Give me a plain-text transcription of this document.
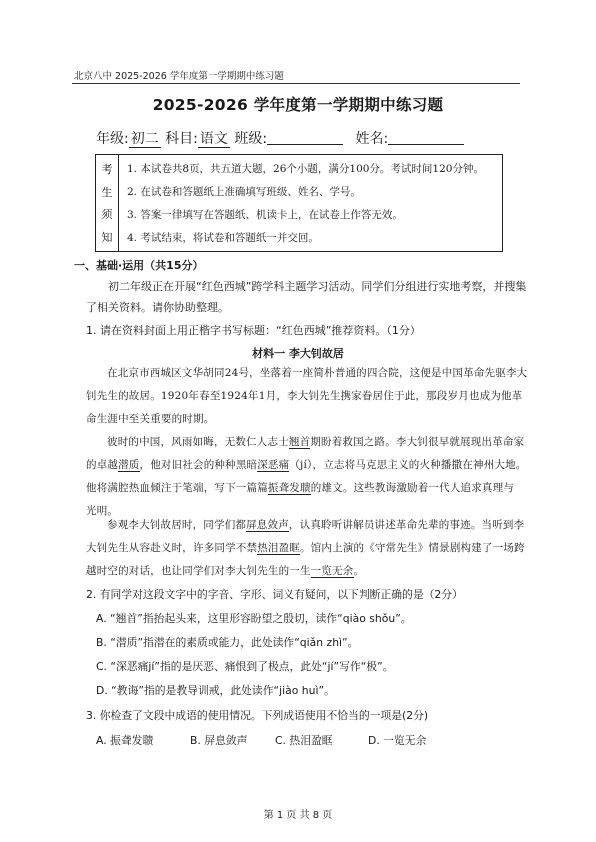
北京八中 2025-2026 学年度第一学期期中练习题
2025-2026 学年度第一学期期中练习题
年级: 初二 科目: 语文 班级:	姓名:
考
生
须
知
1. 本试卷共8页，共五道大题，26个小题，满分100分。考试时间120分钟。
2. 在试卷和答题纸上准确填写班级、姓名、学号。
3. 答案一律填写在答题纸、机读卡上，在试卷上作答无效。
4. 考试结束，将试卷和答题纸一并交回。
一、基础·运用（共15分）
初二年级正在开展“红色西城”跨学科主题学习活动。同学们分组进行实地考察，并搜集
了相关资料。请你协助整理。
1. 请在资料封面上用正楷字书写标题：“红色西城”推荐资料。（1分）
材料一 李大钊故居
在北京市西城区文华胡同24号，坐落着一座简朴普通的四合院，这便是中国革命先驱李大
钊先生的故居。1920年春至1924年1月，李大钊先生携家眷居住于此，那段岁月也成为他革
命生涯中至关重要的时期。
彼时的中国，风雨如晦，无数仁人志士翘首期盼着救国之路。李大钊很早就展现出革命家
的卓越潜质，他对旧社会的种种黑暗深恶痛（jí），立志将马克思主义的火种播撒在神州大地。
他将满腔热血倾注于笔端，写下一篇篇振聋发聩的雄文。这些教诲激励着一代人追求真理与
光明。
参观李大钊故居时，同学们都屏息敛声，认真聆听讲解员讲述革命先辈的事迹。当听到李
大钊先生从容赴义时，许多同学不禁热泪盈眶。馆内上演的《守常先生》情景剧构建了一场跨
越时空的对话，也让同学们对李大钊先生的一生一览无余。
2. 有同学对这段文字中的字音、字形、词义有疑问，以下判断正确的是（2分）
A. “翘首”指抬起头来，这里形容盼望之殷切，读作“qiào shǒu”。
B. “潜质”指潜在的素质或能力，此处读作“qiǎn zhì”。
C. “深恶痛jí”指的是厌恶、痛恨到了极点，此处“jí”写作“极”。
D. “教诲”指的是教导训戒，此处读作“jiào huì”。
3. 你检查了文段中成语的使用情况。下列成语使用不恰当的一项是(2分)
A. 振聋发聩	B. 屏息敛声	C. 热泪盈眶	D. 一览无余
第 1 页 共 8 页
